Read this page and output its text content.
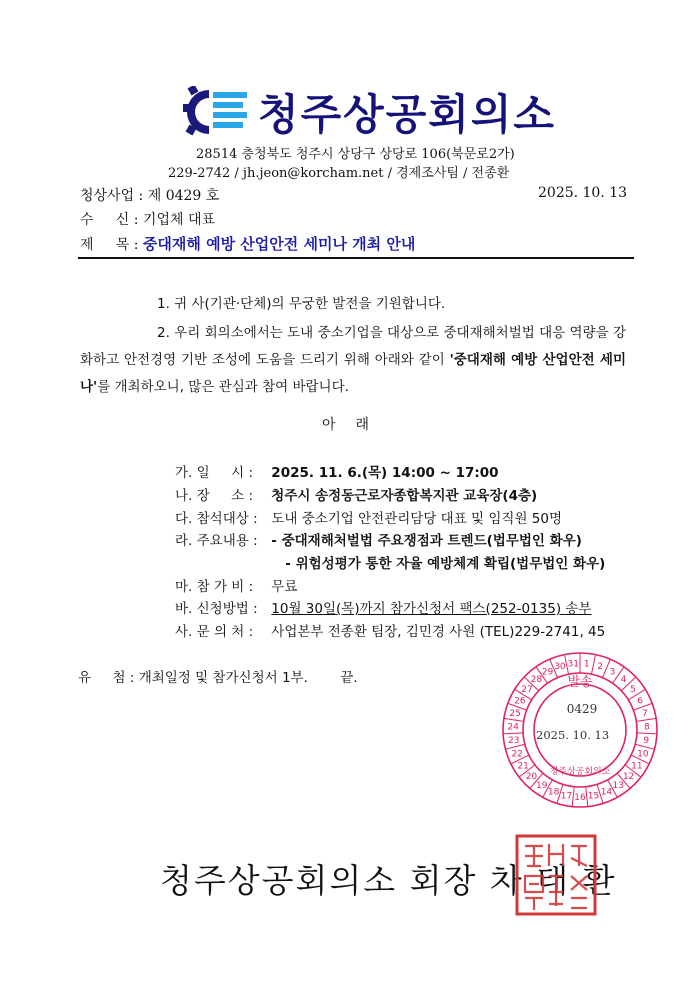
청주상공회의소
28514 충청북도 청주시 상당구 상당로 106(북문로2가)
229-2742 / jh.jeon@korcham.net / 경제조사팀 / 전종환
청상사업 : 제 0429 호	2025. 10. 13
수     신 : 기업체 대표
제     목 : 중대재해 예방 산업안전 세미나 개최 안내
1. 귀 사(기관·단체)의 무궁한 발전을 기원합니다.
2. 우리 회의소에서는 도내 중소기업을 대상으로 중대재해처벌법 대응 역량을 강화하고 안전경영 기반 조성에 도움을 드리기 위해 아래와 같이 '중대재해 예방 산업안전 세미나'를 개최하오니, 많은 관심과 참여 바랍니다.
아래
가. 일     시 : 2025. 11. 6.(목) 14:00 ~ 17:00
나. 장     소 : 청주시 송정동근로자종합복지관 교육장(4층)
다. 참석대상 : 도내 중소기업 안전관리담당 대표 및 임직원 50명
라. 주요내용 : - 중대재해처벌법 주요쟁점과 트렌드(법무법인 화우)
- 위험성평가 통한 자율 예방체계 확립(법무법인 화우)
마. 참 가 비 : 무료
바. 신청방법 : 10월 30일(목)까지 참가신청서 팩스(252-0135) 송부
사. 문 의 처 : 사업본부 전종환 팀장, 김민경 사원 (TEL)229-2741, 45
유     첨 : 개최일정 및 참가신청서 1부. 끝.
1 2
3
4
5
6
7
8
9
10
11
12
13
14
15
16
17
18
19
20
21
22
23
24
25
26
27
28
29
30 31
발송
청주상공회의소
0429
2025. 10. 13
청주상공회의소 회장 차 태 환
